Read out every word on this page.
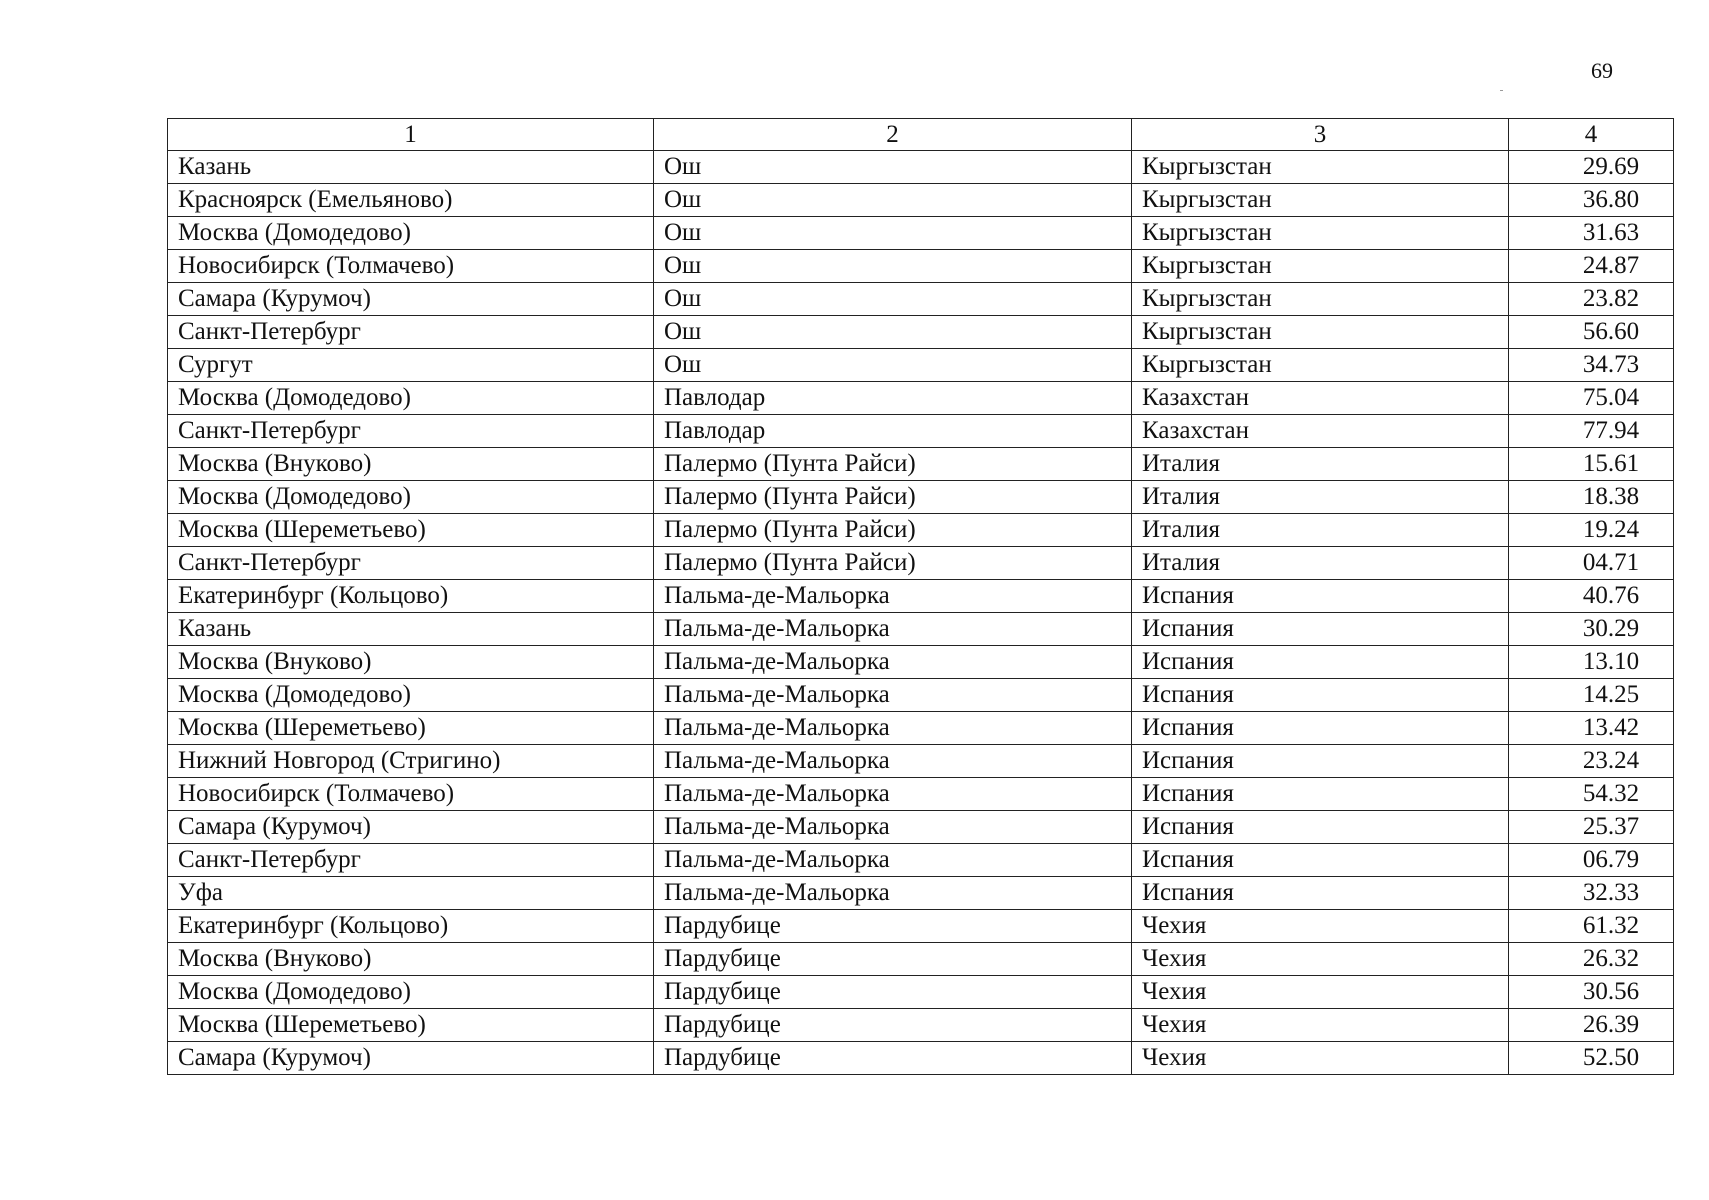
69
1	2	3	4
Казань	Ош	Кыргызстан	29.69
Красноярск (Емельяново)	Ош	Кыргызстан	36.80
Москва (Домодедово)	Ош	Кыргызстан	31.63
Новосибирск (Толмачево)	Ош	Кыргызстан	24.87
Самара (Курумоч)	Ош	Кыргызстан	23.82
Санкт-Петербург	Ош	Кыргызстан	56.60
Сургут	Ош	Кыргызстан	34.73
Москва (Домодедово)	Павлодар	Казахстан	75.04
Санкт-Петербург	Павлодар	Казахстан	77.94
Москва (Внуково)	Палермо (Пунта Райси)	Италия	15.61
Москва (Домодедово)	Палермо (Пунта Райси)	Италия	18.38
Москва (Шереметьево)	Палермо (Пунта Райси)	Италия	19.24
Санкт-Петербург	Палермо (Пунта Райси)	Италия	04.71
Екатеринбург (Кольцово)	Пальма-де-Мальорка	Испания	40.76
Казань	Пальма-де-Мальорка	Испания	30.29
Москва (Внуково)	Пальма-де-Мальорка	Испания	13.10
Москва (Домодедово)	Пальма-де-Мальорка	Испания	14.25
Москва (Шереметьево)	Пальма-де-Мальорка	Испания	13.42
Нижний Новгород (Стригино)	Пальма-де-Мальорка	Испания	23.24
Новосибирск (Толмачево)	Пальма-де-Мальорка	Испания	54.32
Самара (Курумоч)	Пальма-де-Мальорка	Испания	25.37
Санкт-Петербург	Пальма-де-Мальорка	Испания	06.79
Уфа	Пальма-де-Мальорка	Испания	32.33
Екатеринбург (Кольцово)	Пардубице	Чехия	61.32
Москва (Внуково)	Пардубице	Чехия	26.32
Москва (Домодедово)	Пардубице	Чехия	30.56
Москва (Шереметьево)	Пардубице	Чехия	26.39
Самара (Курумоч)	Пардубице	Чехия	52.50
